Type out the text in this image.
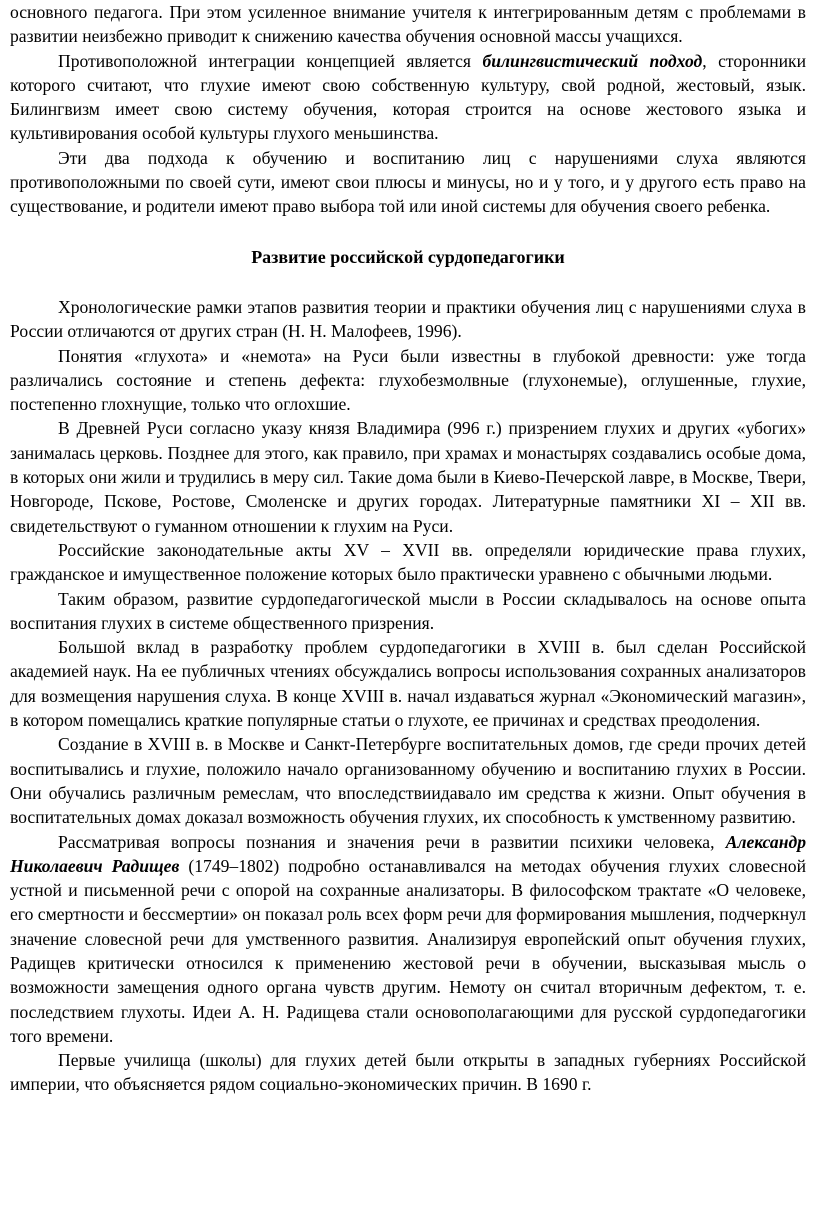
основного педагога. При этом усиленное внимание учителя к интегрированным детям с проблемами в развитии неизбежно приводит к снижению качества обучения основной массы учащихся.

Противоположной интеграции концепцией является билингвистический подход, сторонники которого считают, что глухие имеют свою собственную культуру, свой родной, жестовый, язык. Билингвизм имеет свою систему обучения, которая строится на основе жестового языка и культивирования особой культуры глухого меньшинства.

Эти два подхода к обучению и воспитанию лиц с нарушениями слуха являются противоположными по своей сути, имеют свои плюсы и минусы, но и у того, и у другого есть право на существование, и родители имеют право выбора той или иной системы для обучения своего ребенка.

Развитие российской сурдопедагогики

Хронологические рамки этапов развития теории и практики обучения лиц с нарушениями слуха в России отличаются от других стран (Н. Н. Малофеев, 1996).

Понятия «глухота» и «немота» на Руси были известны в глубокой древности: уже тогда различались состояние и степень дефекта: глухобезмолвные (глухонемые), оглушенные, глухие, постепенно глохнущие, только что оглохшие.

В Древней Руси согласно указу князя Владимира (996 г.) призрением глухих и других «убогих» занималась церковь. Позднее для этого, как правило, при храмах и монастырях создавались особые дома, в которых они жили и трудились в меру сил. Такие дома были в Киево-Печерской лавре, в Москве, Твери, Новгороде, Пскове, Ростове, Смоленске и других городах. Литературные памятники XI – XII вв. свидетельствуют о гуманном отношении к глухим на Руси.

Российские законодательные акты XV – XVII вв. определяли юридические права глухих, гражданское и имущественное положение которых было практически уравнено с обычными людьми.

Таким образом, развитие сурдопедагогической мысли в России складывалось на основе опыта воспитания глухих в системе общественного призрения.

Большой вклад в разработку проблем сурдопедагогики в XVIII в. был сделан Российской академией наук. На ее публичных чтениях обсуждались вопросы использования сохранных анализаторов для возмещения нарушения слуха. В конце XVIII в. начал издаваться журнал «Экономический магазин», в котором помещались краткие популярные статьи о глухоте, ее причинах и средствах преодоления.

Создание в XVIII в. в Москве и Санкт-Петербурге воспитательных домов, где среди прочих детей воспитывались и глухие, положило начало организованному обучению и воспитанию глухих в России. Они обучались различным ремеслам, что впоследствиидавало им средства к жизни. Опыт обучения в воспитательных домах доказал возможность обучения глухих, их способность к умственному развитию.

Рассматривая вопросы познания и значения речи в развитии психики человека, Александр Николаевич Радищев (1749–1802) подробно останавливался на методах обучения глухих словесной устной и письменной речи с опорой на сохранные анализаторы. В философском трактате «О человеке, его смертности и бессмертии» он показал роль всех форм речи для формирования мышления, подчеркнул значение словесной речи для умственного развития. Анализируя европейский опыт обучения глухих, Радищев критически относился к применению жестовой речи в обучении, высказывая мысль о возможности замещения одного органа чувств другим. Немоту он считал вторичным дефектом, т. е. последствием глухоты. Идеи А. Н. Радищева стали основополагающими для русской сурдопедагогики того времени.

Первые училища (школы) для глухих детей были открыты в западных губерниях Российской империи, что объясняется рядом социально-экономических причин. В 1690 г.
